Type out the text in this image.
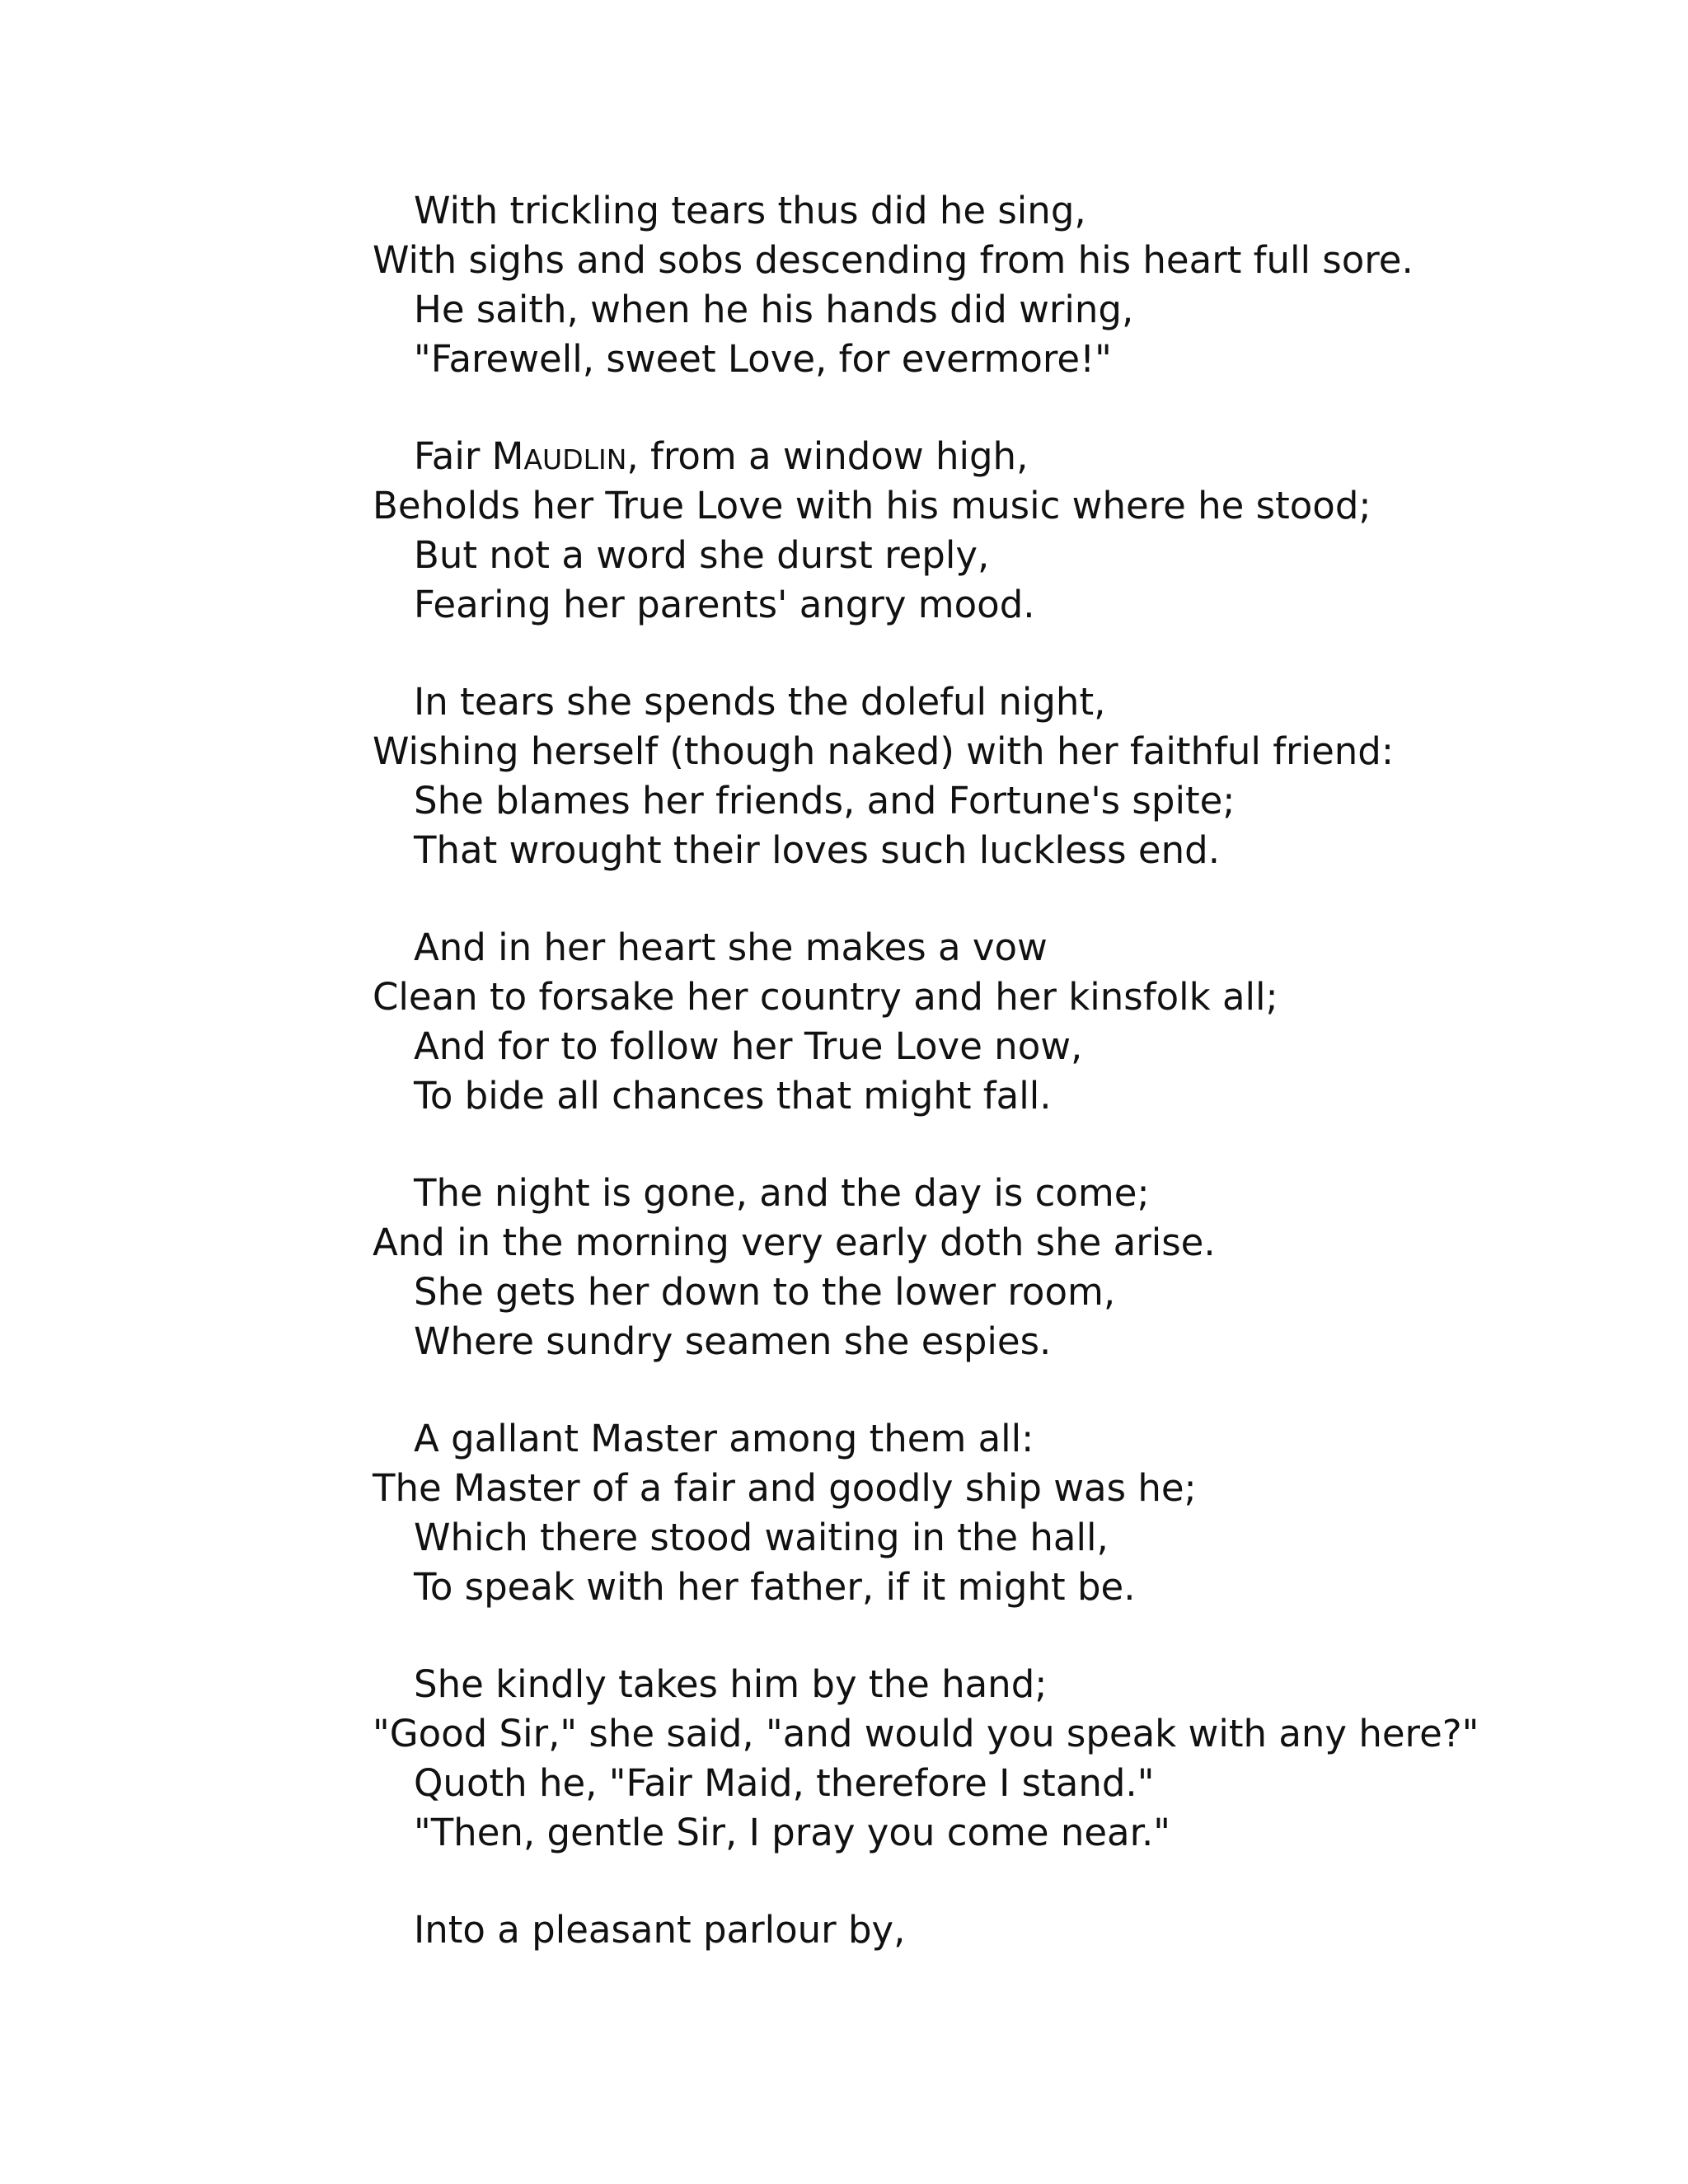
With trickling tears thus did he sing,
With sighs and sobs descending from his heart full sore.
He saith, when he his hands did wring,
"Farewell, sweet Love, for evermore!"
Fair MAUDLIN, from a window high,
Beholds her True Love with his music where he stood;
But not a word she durst reply,
Fearing her parents' angry mood.
In tears she spends the doleful night,
Wishing herself (though naked) with her faithful friend:
She blames her friends, and Fortune's spite;
That wrought their loves such luckless end.
And in her heart she makes a vow
Clean to forsake her country and her kinsfolk all;
And for to follow her True Love now,
To bide all chances that might fall.
The night is gone, and the day is come;
And in the morning very early doth she arise.
She gets her down to the lower room,
Where sundry seamen she espies.
A gallant Master among them all:
The Master of a fair and goodly ship was he;
Which there stood waiting in the hall,
To speak with her father, if it might be.
She kindly takes him by the hand;
"Good Sir," she said, "and would you speak with any here?"
Quoth he, "Fair Maid, therefore I stand."
"Then, gentle Sir, I pray you come near."
Into a pleasant parlour by,
